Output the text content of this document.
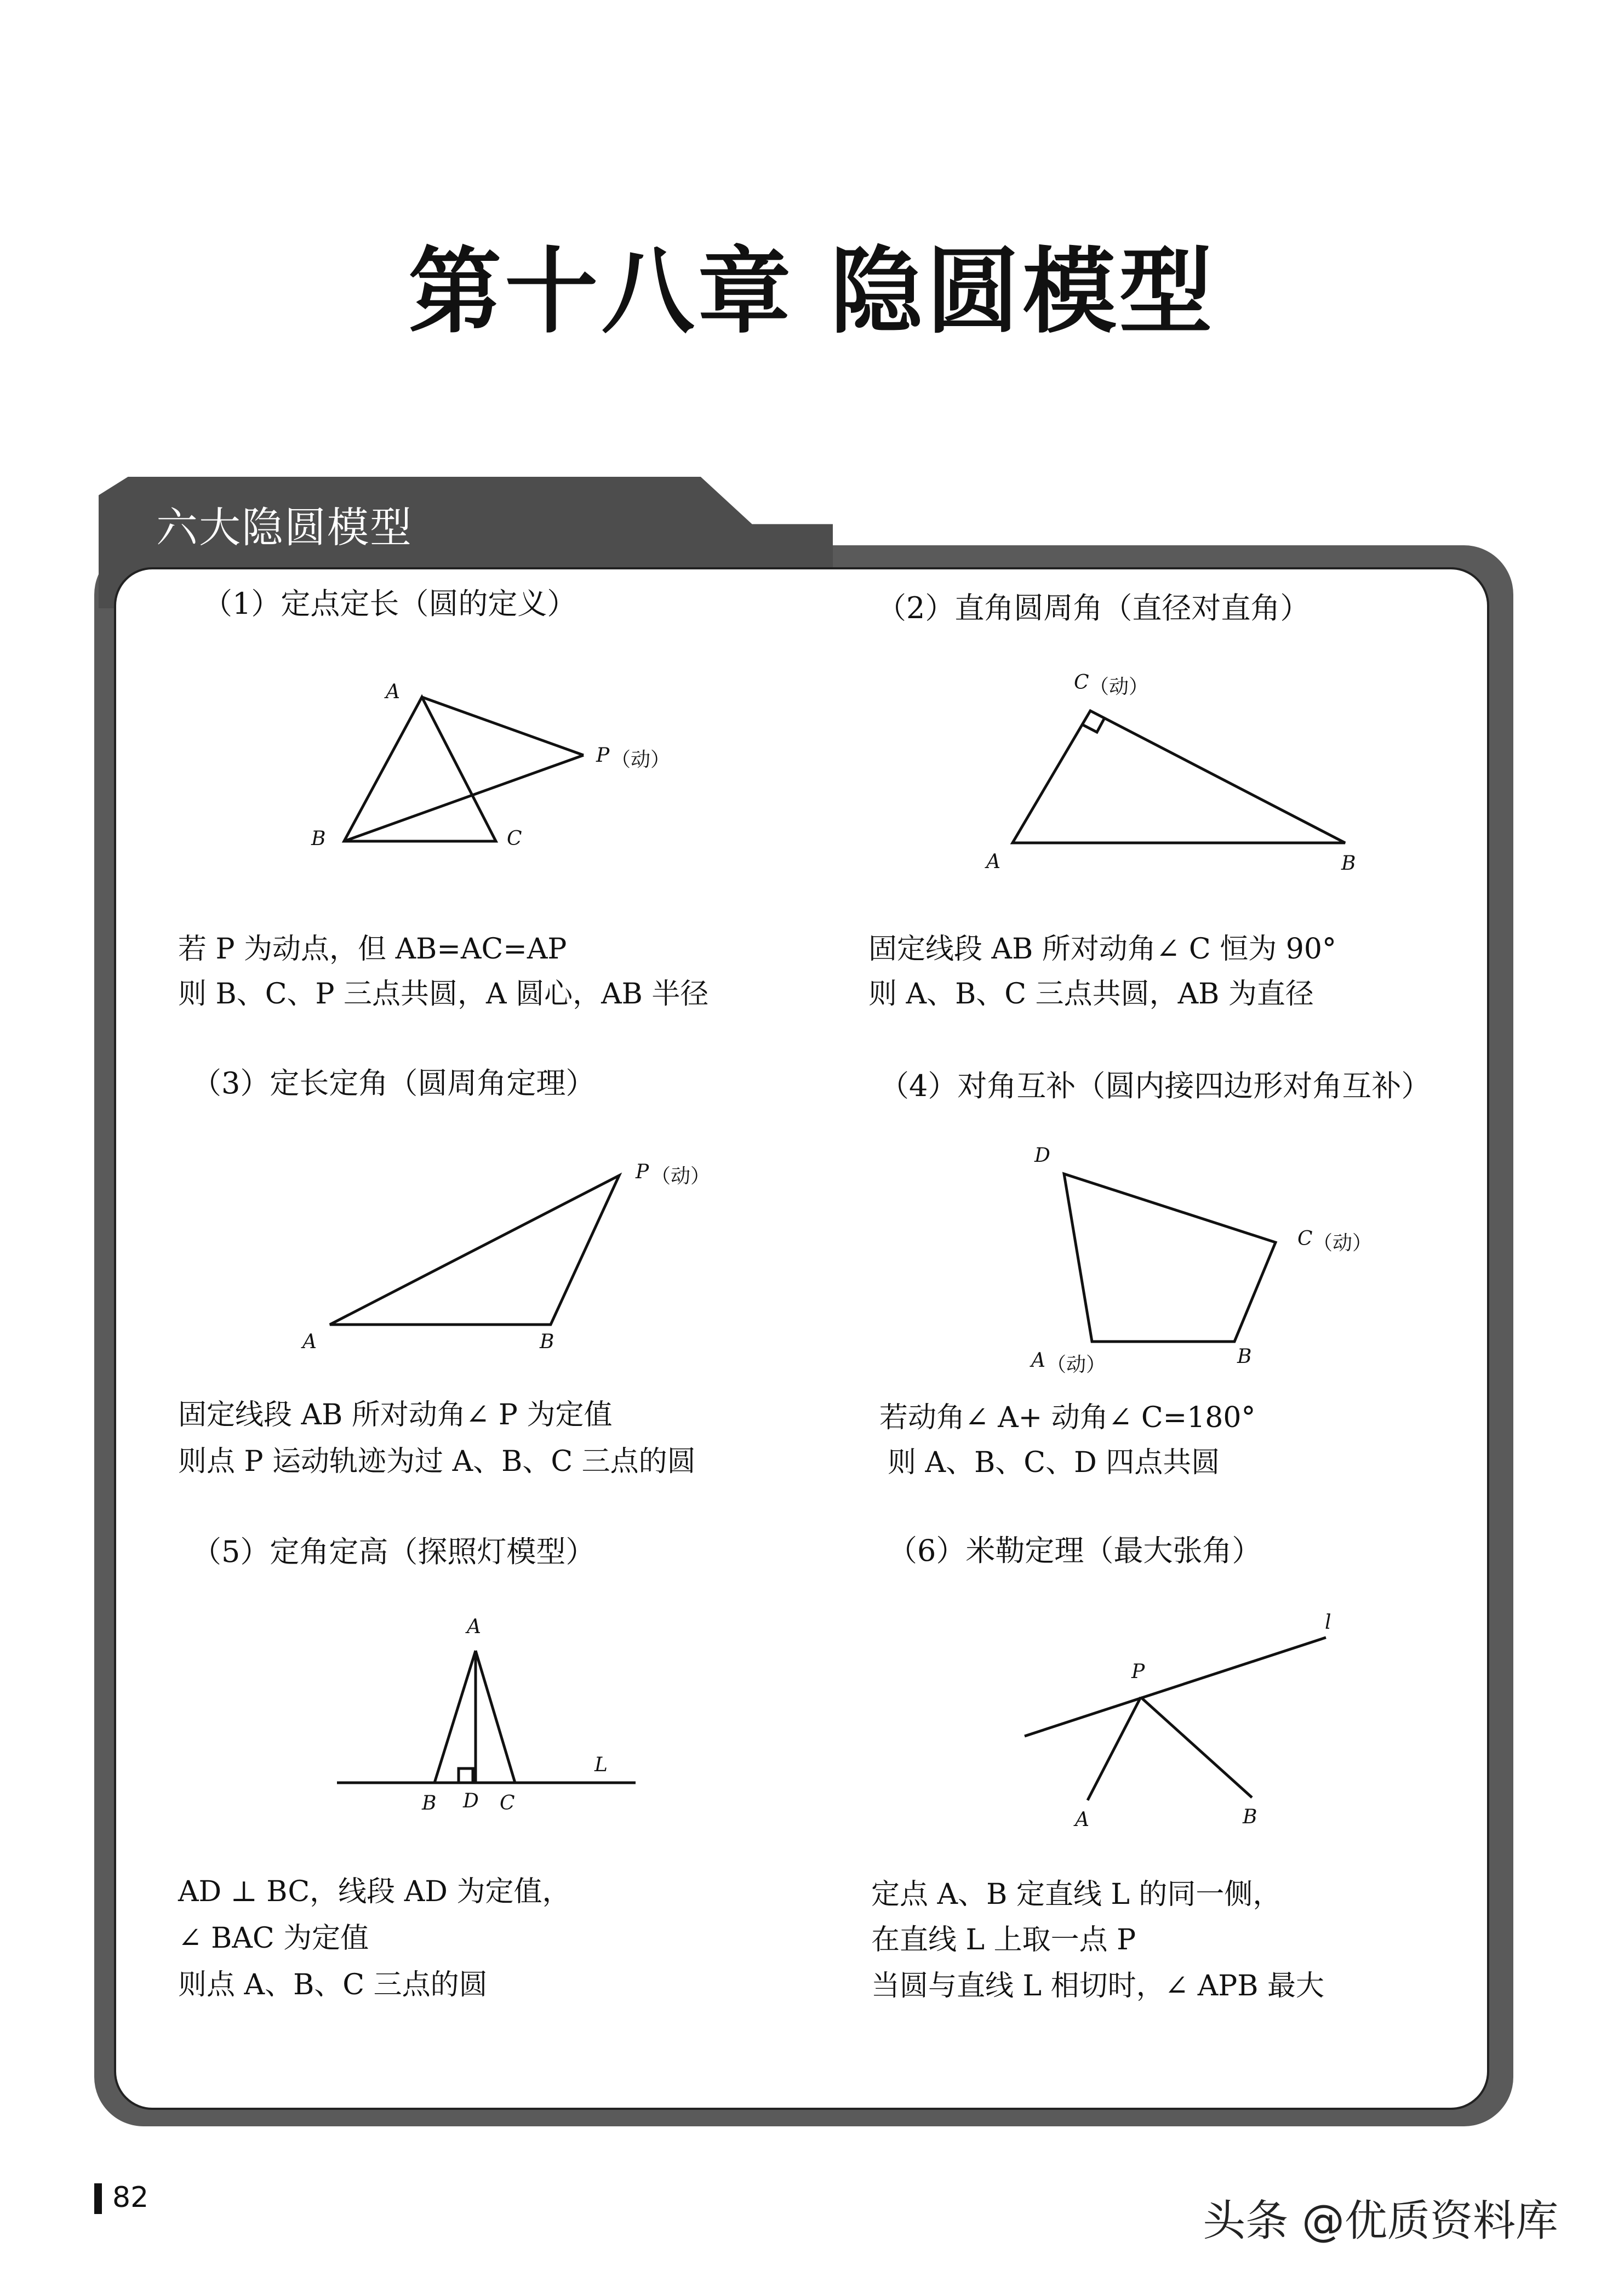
第十八章 隐圆模型
六大隐圆模型
（1）定点定长（圆的定义）
若 P 为动点，但 AB=AC=AP
则 B、C、P 三点共圆，A 圆心，AB 半径
（2）直角圆周角（直径对直角）
固定线段 AB 所对动角∠ C 恒为 90°
则 A、B、C 三点共圆，AB 为直径
（3）定长定角（圆周角定理）
固定线段 AB 所对动角∠ P 为定值
则点 P 运动轨迹为过 A、B、C 三点的圆
（4）对角互补（圆内接四边形对角互补）
若动角∠ A+ 动角∠ C=180°
则 A、B、C、D 四点共圆
（5）定角定高（探照灯模型）
AD ⊥ BC，线段 AD 为定值，
∠ BAC 为定值
则点 A、B、C 三点的圆
（6）米勒定理（最大张角）
定点 A、B 定直线 L 的同一侧，
在直线 L 上取一点 P
当圆与直线 L 相切时，∠ APB 最大
A
B	C
P （动）
C （动）
A	B
A	B
P （动）
D
C （动）
A （动）	B
A
B D C
L
l
P
A	B
82	头条 @优质资料库
